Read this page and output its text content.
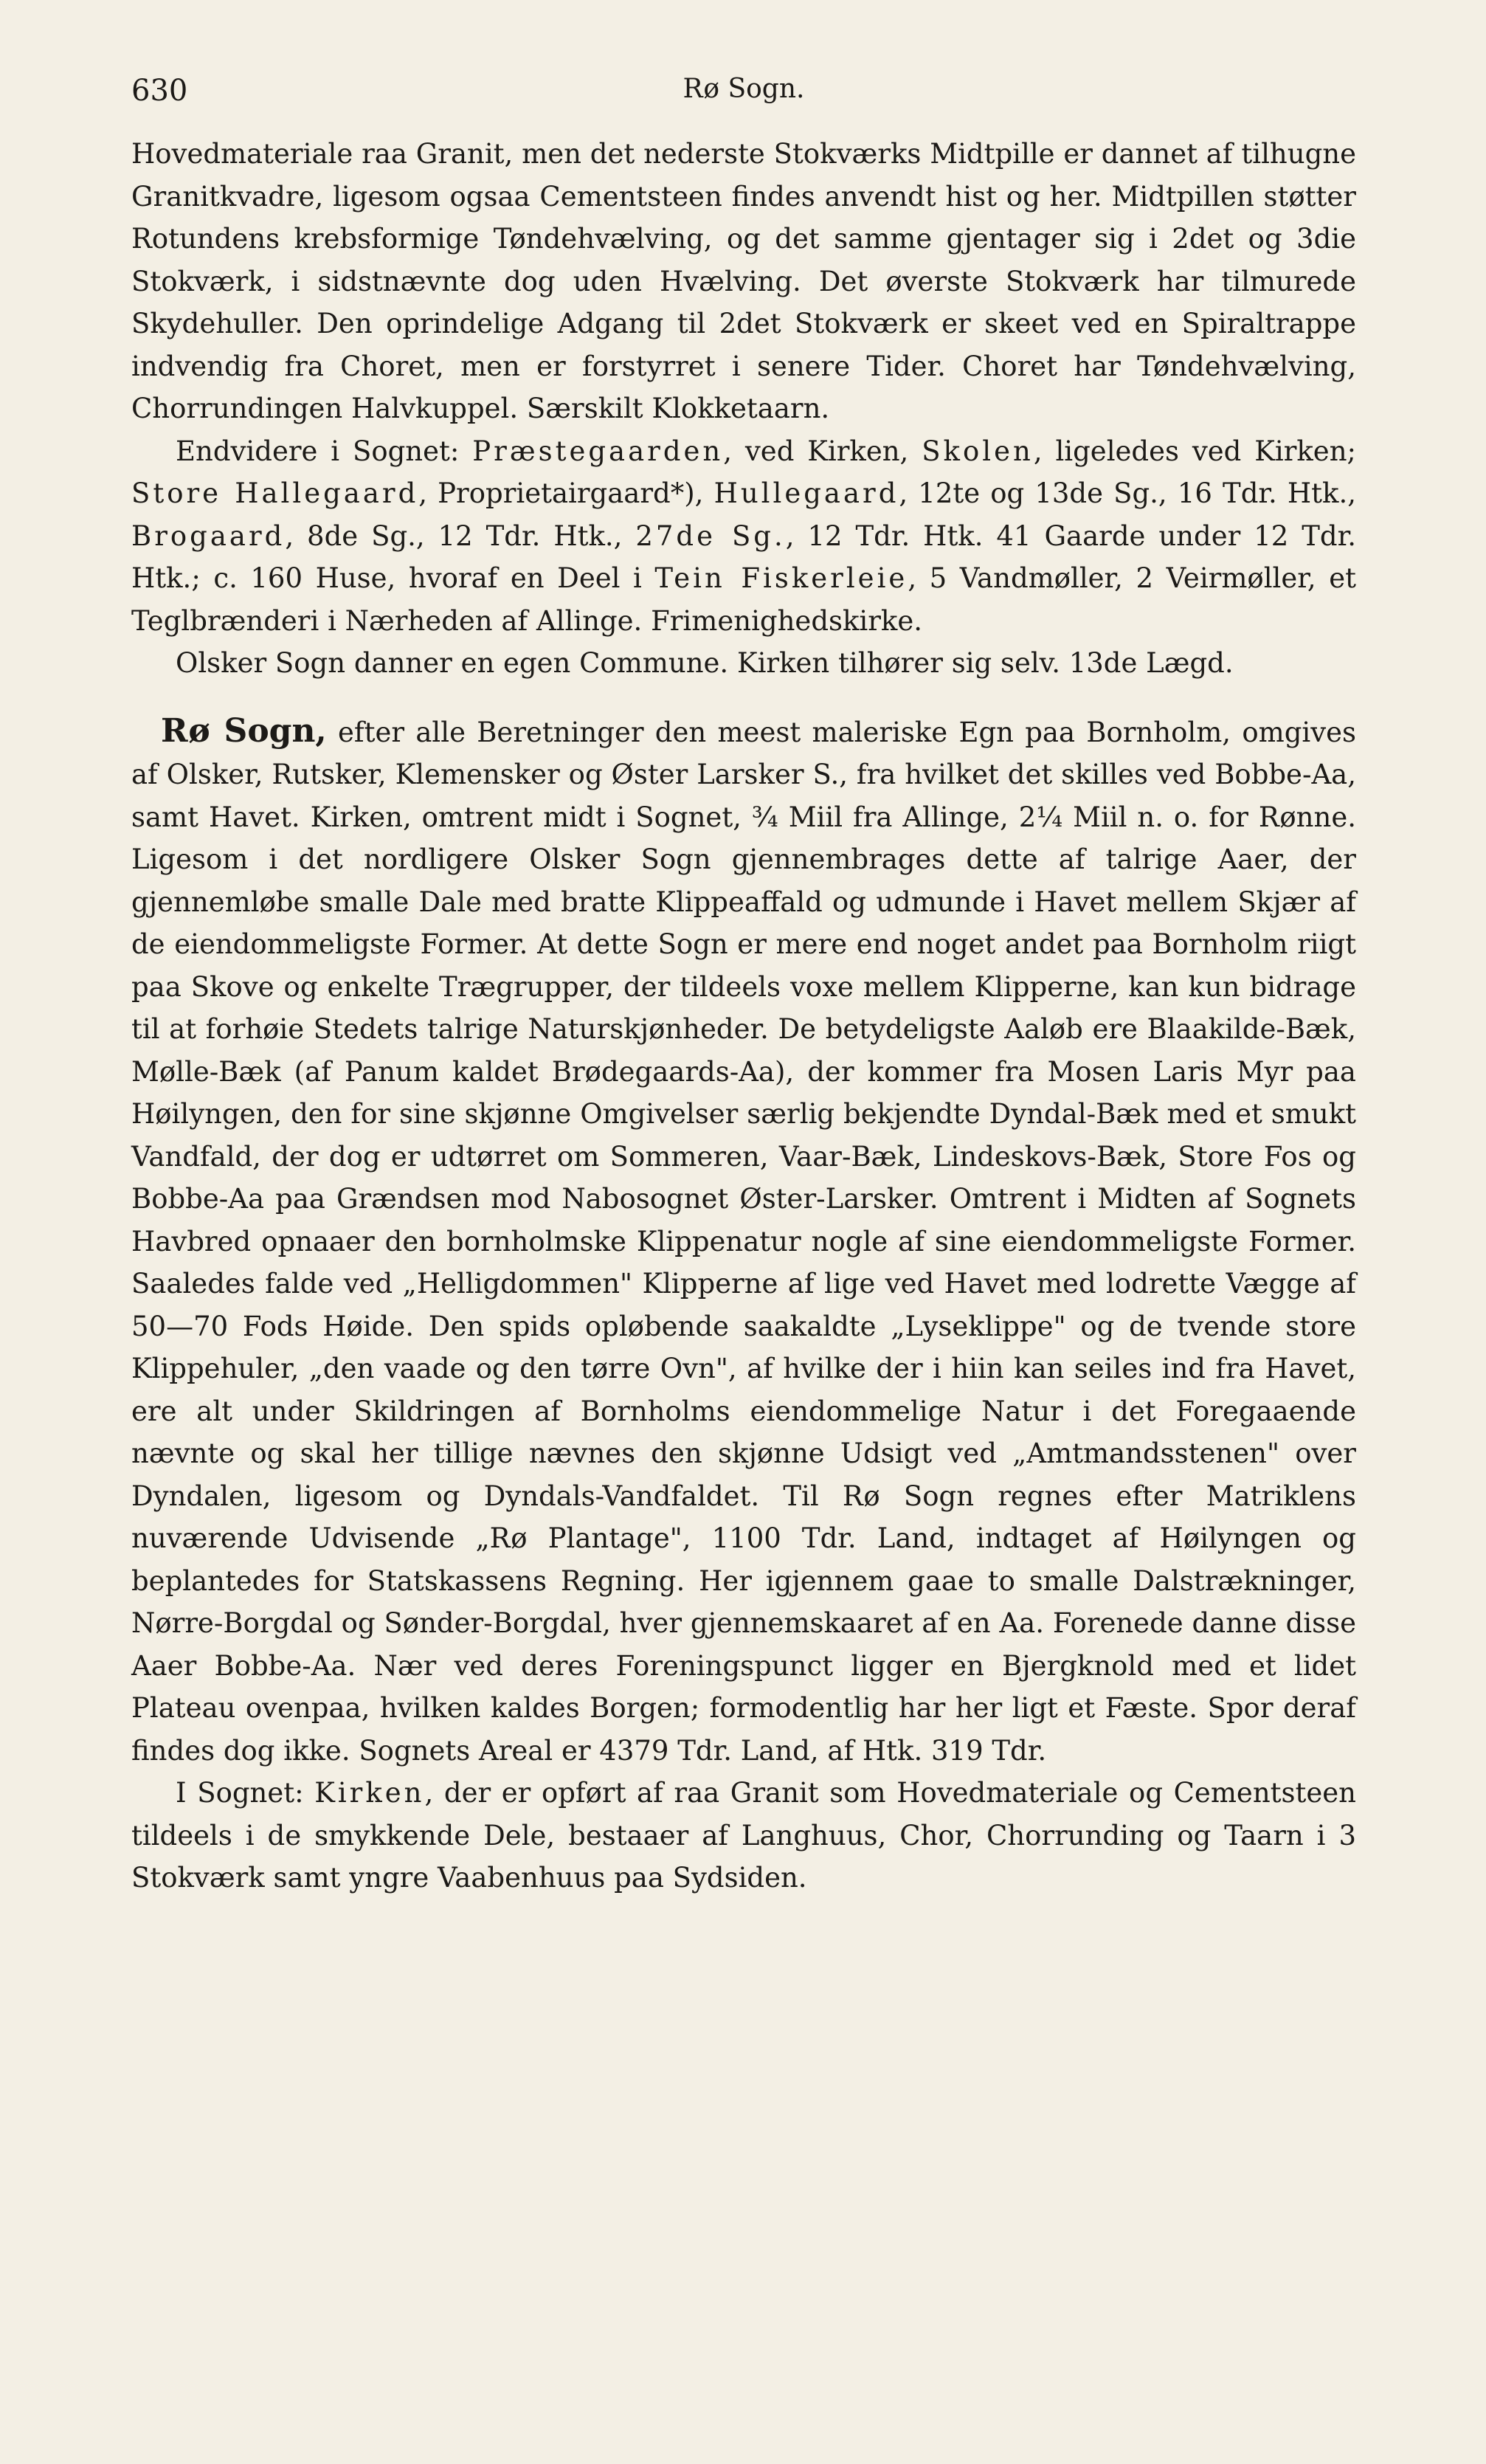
630	Rø Sogn.

Hovedmateriale raa Granit, men det nederste Stokværks Midtpille er dannet af tilhugne Granitkvadre, ligesom ogsaa Cementsteen findes anvendt hist og her. Midtpillen støtter Rotundens krebsformige Tøndehvælving, og det samme gjentager sig i 2det og 3die Stokværk, i sidstnævnte dog uden Hvælving. Det øverste Stokværk har tilmurede Skydehuller. Den oprindelige Adgang til 2det Stokværk er skeet ved en Spiraltrappe indvendig fra Choret, men er forstyrret i senere Tider. Choret har Tøndehvælving, Chorrundingen Halvkuppel. Særskilt Klokketaarn.

Endvidere i Sognet: Præstegaarden, ved Kirken, Skolen, ligeledes ved Kirken; Store Hallegaard, Proprietairgaard*), Hullegaard, 12te og 13de Sg., 16 Tdr. Htk., Brogaard, 8de Sg., 12 Tdr. Htk., 27de Sg., 12 Tdr. Htk. 41 Gaarde under 12 Tdr. Htk.; c. 160 Huse, hvoraf en Deel i Tein Fiskerleie, 5 Vandmøller, 2 Veirmøller, et Teglbrænderi i Nærheden af Allinge. Frimenighedskirke.

Olsker Sogn danner en egen Commune. Kirken tilhører sig selv. 13de Lægd.

Rø Sogn, efter alle Beretninger den meest maleriske Egn paa Bornholm, omgives af Olsker, Rutsker, Klemensker og Øster Larsker S., fra hvilket det skilles ved Bobbe-Aa, samt Havet. Kirken, omtrent midt i Sognet, ¾ Miil fra Allinge, 2¼ Miil n. o. for Rønne. Ligesom i det nordligere Olsker Sogn gjennembrages dette af talrige Aaer, der gjennemløbe smalle Dale med bratte Klippeaffald og udmunde i Havet mellem Skjær af de eiendommeligste Former. At dette Sogn er mere end noget andet paa Bornholm riigt paa Skove og enkelte Trægrupper, der tildeels voxe mellem Klipperne, kan kun bidrage til at forhøie Stedets talrige Naturskjønheder. De betydeligste Aaløb ere Blaakilde-Bæk, Mølle-Bæk (af Panum kaldet Brødegaards-Aa), der kommer fra Mosen Laris Myr paa Høilyngen, den for sine skjønne Omgivelser særlig bekjendte Dyndal-Bæk med et smukt Vandfald, der dog er udtørret om Sommeren, Vaar-Bæk, Lindeskovs-Bæk, Store Fos og Bobbe-Aa paa Grændsen mod Nabosognet Øster-Larsker. Omtrent i Midten af Sognets Havbred opnaaer den bornholmske Klippenatur nogle af sine eiendommeligste Former. Saaledes falde ved „Helligdommen" Klipperne af lige ved Havet med lodrette Vægge af 50—70 Fods Høide. Den spids opløbende saakaldte „Lyseklippe" og de tvende store Klippehuler, „den vaade og den tørre Ovn", af hvilke der i hiin kan seiles ind fra Havet, ere alt under Skildringen af Bornholms eiendommelige Natur i det Foregaaende nævnte og skal her tillige nævnes den skjønne Udsigt ved „Amtmandsstenen" over Dyndalen, ligesom og Dyndals-Vandfaldet. Til Rø Sogn regnes efter Matriklens nuværende Udvisende „Rø Plantage", 1100 Tdr. Land, indtaget af Høilyngen og beplantedes for Statskassens Regning. Her igjennem gaae to smalle Dalstrækninger, Nørre-Borgdal og Sønder-Borgdal, hver gjennemskaaret af en Aa. Forenede danne disse Aaer Bobbe-Aa. Nær ved deres Foreningspunct ligger en Bjergknold med et lidet Plateau ovenpaa, hvilken kaldes Borgen; formodentlig har her ligt et Fæste. Spor deraf findes dog ikke. Sognets Areal er 4379 Tdr. Land, af Htk. 319 Tdr.

I Sognet: Kirken, der er opført af raa Granit som Hovedmateriale og Cementsteen tildeels i de smykkende Dele, bestaaer af Langhuus, Chor, Chorrunding og Taarn i 3 Stokværk samt yngre Vaabenhuus paa Sydsiden.
